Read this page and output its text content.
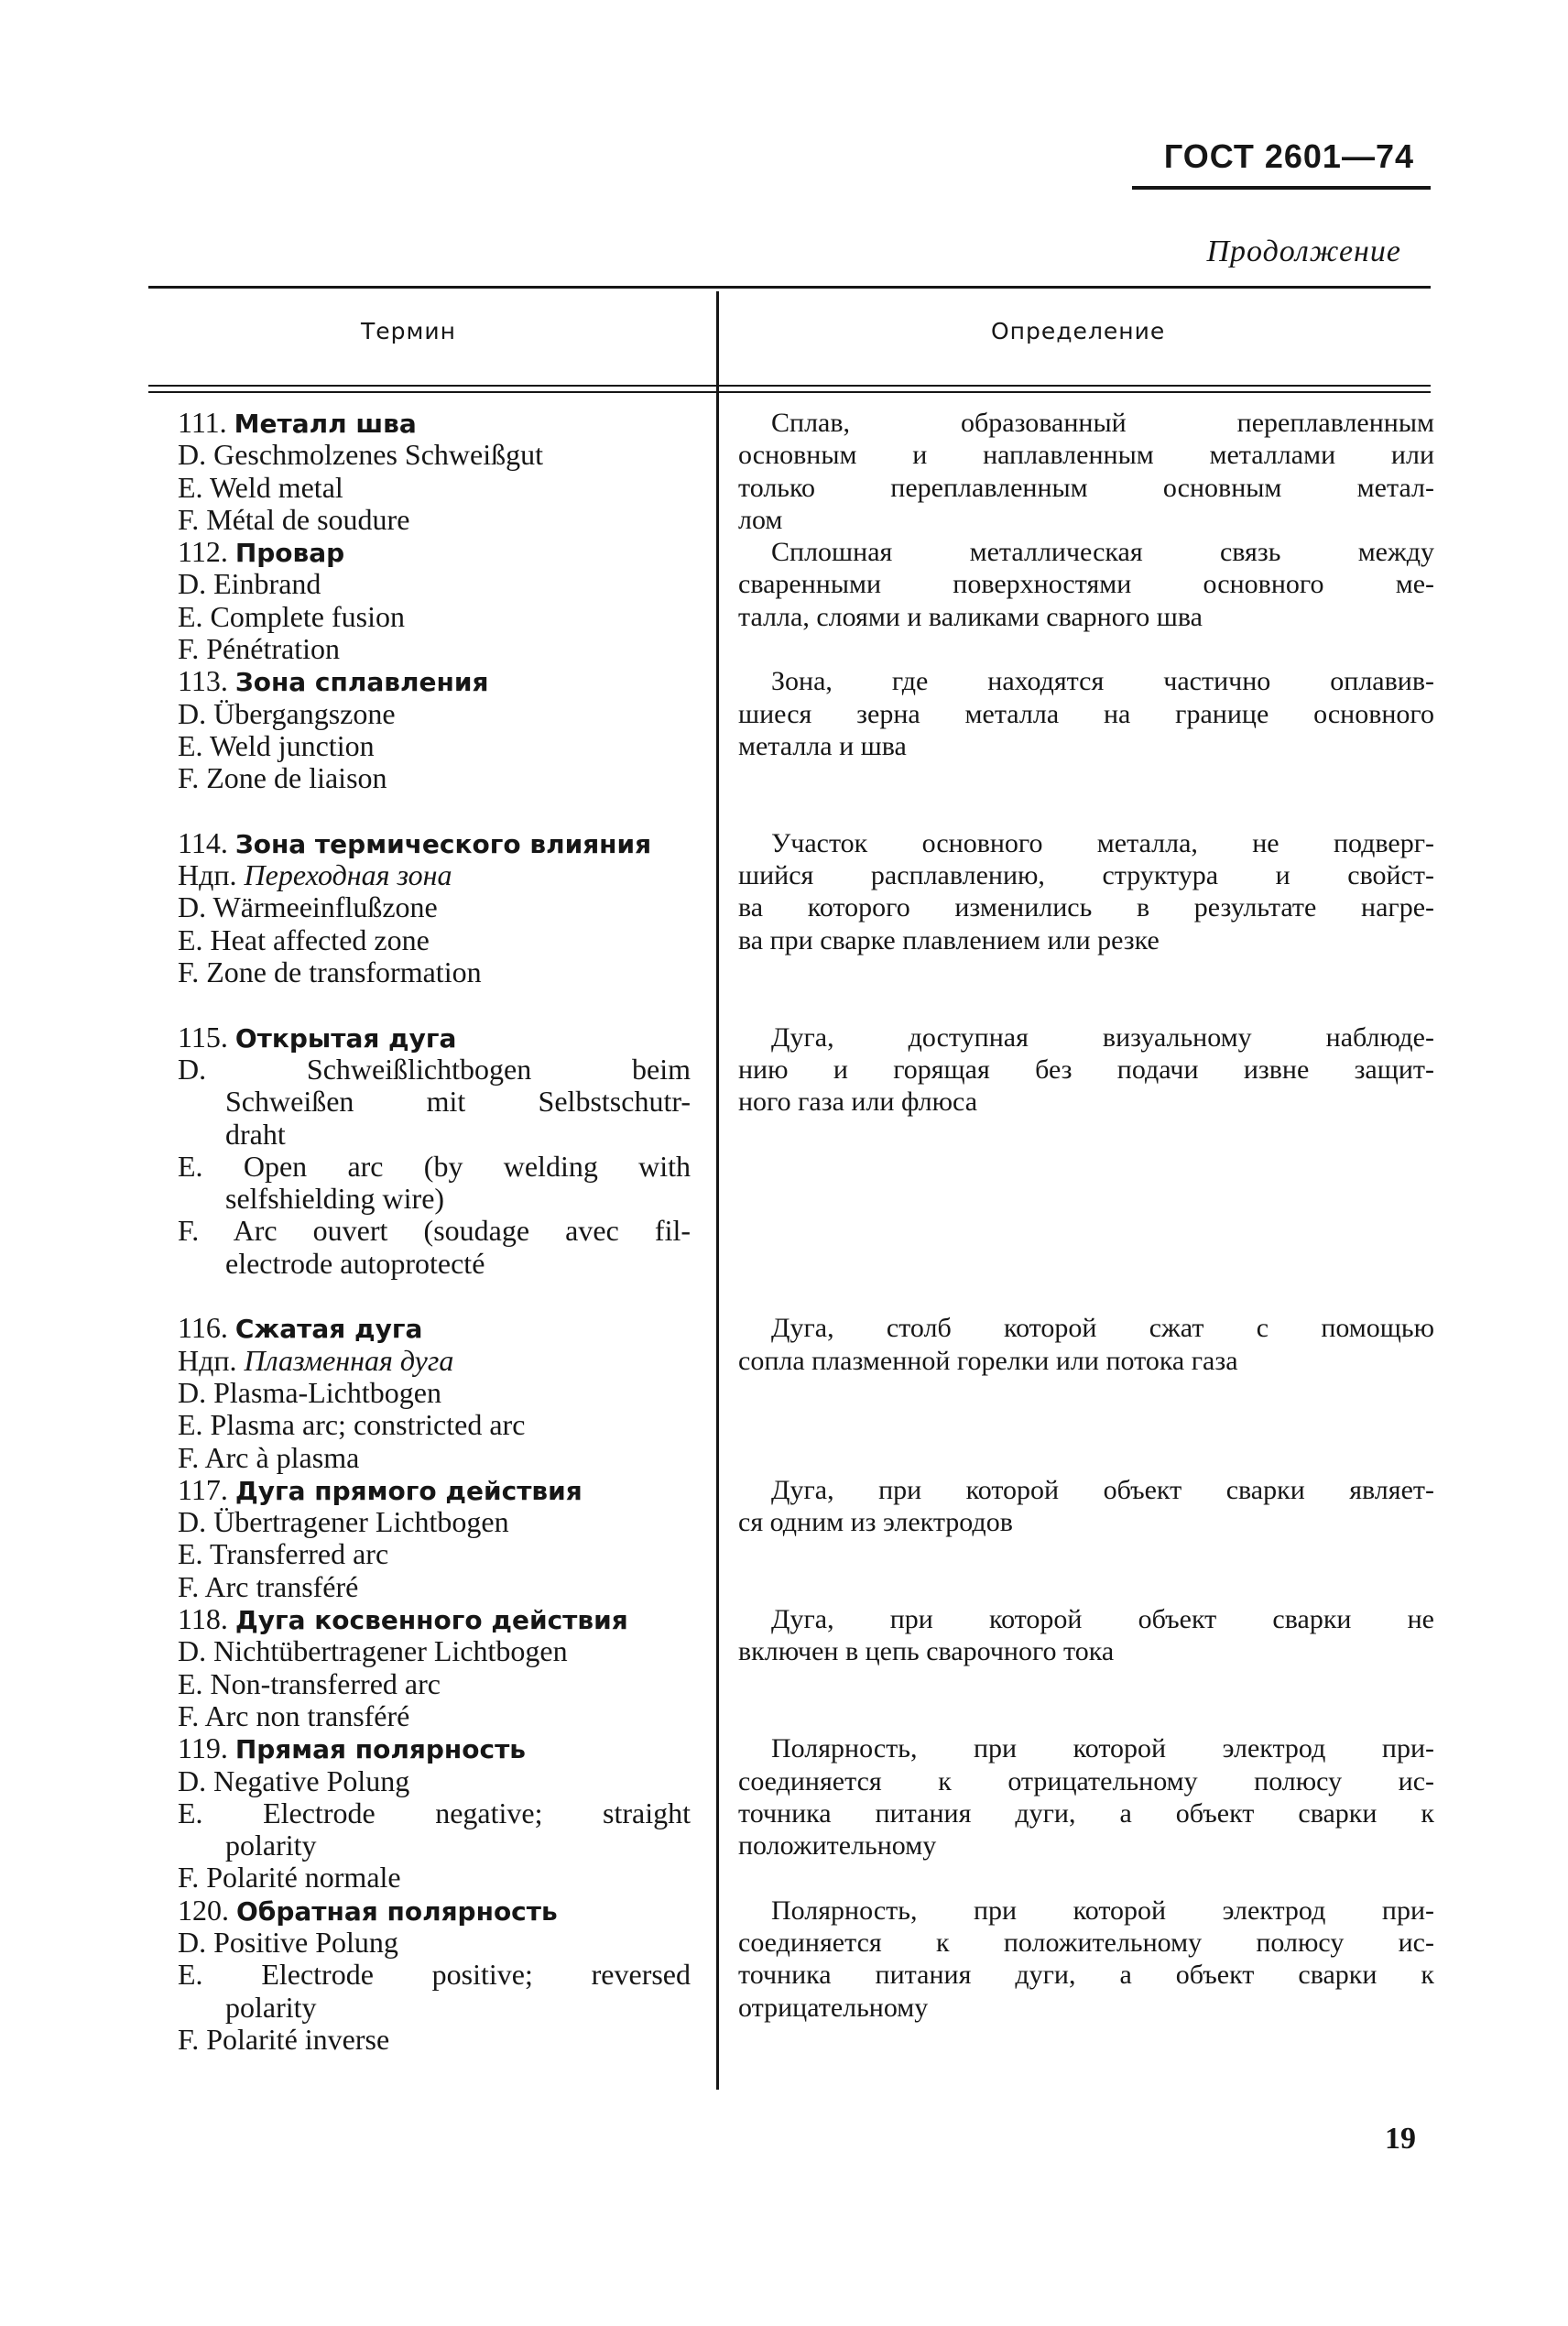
ГОСТ 2601—74
Продолжение
Термин	Определение
111. Металл шва
D. Geschmolzenes Schweißgut
E. Weld metal
F. Métal de soudure
112. Провар
D. Einbrand
E. Complete fusion
F. Pénétration
113. Зона сплавления
D. Übergangszone
E. Weld junction
F. Zone de liaison
114. Зона термического влияния
Ндп. Переходная зона
D. Wärmeeinflußzone
E. Heat affected zone
F. Zone de transformation
115. Открытая дуга
D. Schweißlichtbogen beim
Schweißen mit Selbstschutr-
draht
E. Open arc (by welding with
selfshielding wire)
F. Arc ouvert (soudage avec fil-
electrode autoprotecté
116. Сжатая дуга
Ндп. Плазменная дуга
D. Plasma-Lichtbogen
E. Plasma arc; constricted arc
F. Arc à plasma
117. Дуга прямого действия
D. Übertragener Lichtbogen
E. Transferred arc
F. Arc transféré
118. Дуга косвенного действия
D. Nichtübertragener Lichtbogen
E. Non-transferred arc
F. Arc non transféré
119. Прямая полярность
D. Negative Polung
E. Electrode negative; straight
polarity
F. Polarité normale
120. Обратная полярность
D. Positive Polung
E. Electrode positive; reversed
polarity
F. Polarité inverse
Сплав, образованный переплавленным
основным и наплавленным металлами или
только переплавленным основным метал-
лом
Сплошная металлическая связь между
сваренными поверхностями основного ме-
талла, слоями и валиками сварного шва
Зона, где находятся частично оплавив-
шиеся зерна металла на границе основного
металла и шва
Участок основного металла, не подверг-
шийся расплавлению, структура и свойст-
ва которого изменились в результате нагре-
ва при сварке плавлением или резке
Дуга, доступная визуальному наблюде-
нию и горящая без подачи извне защит-
ного газа или флюса
Дуга, столб которой сжат с помощью
сопла плазменной горелки или потока газа
Дуга, при которой объект сварки являет-
ся одним из электродов
Дуга, при которой объект сварки не
включен в цепь сварочного тока
Полярность, при которой электрод при-
соединяется к отрицательному полюсу ис-
точника питания дуги, а объект сварки к
положительному
Полярность, при которой электрод при-
соединяется к положительному полюсу ис-
точника питания дуги, а объект сварки к
отрицательному
19
